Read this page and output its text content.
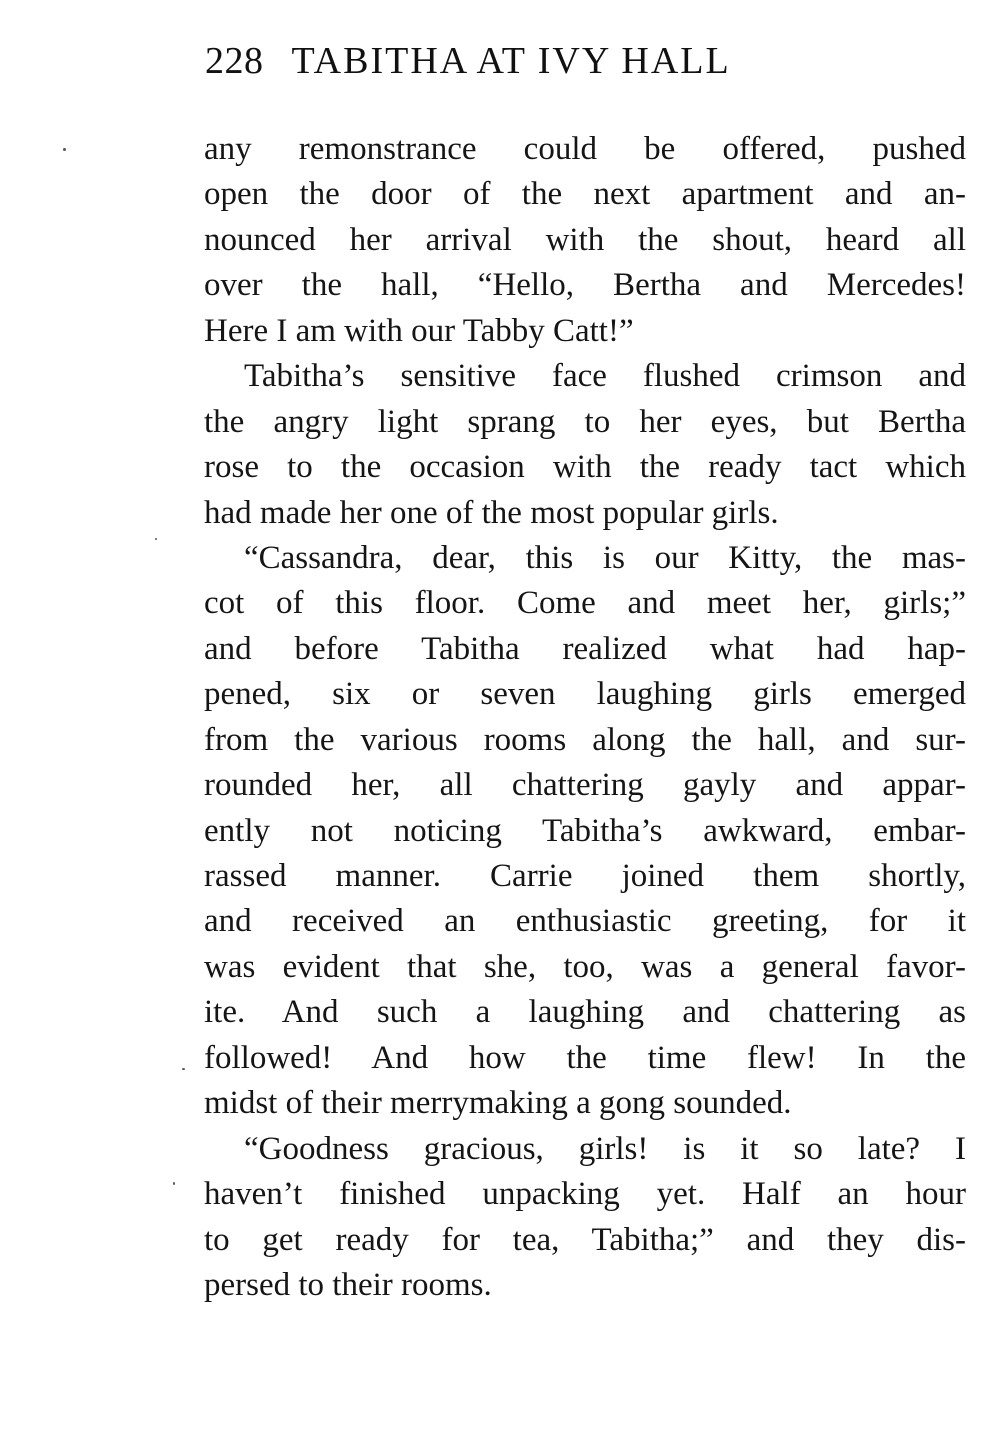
228 TABITHA AT IVY HALL
any remonstrance could be offered, pushed
open the door of the next apartment and an-
nounced her arrival with the shout, heard all
over the hall, “Hello, Bertha and Mercedes!
Here I am with our Tabby Catt!”
Tabitha’s sensitive face flushed crimson and
the angry light sprang to her eyes, but Bertha
rose to the occasion with the ready tact which
had made her one of the most popular girls.
“Cassandra, dear, this is our Kitty, the mas-
cot of this floor. Come and meet her, girls;”
and before Tabitha realized what had hap-
pened, six or seven laughing girls emerged
from the various rooms along the hall, and sur-
rounded her, all chattering gayly and appar-
ently not noticing Tabitha’s awkward, embar-
rassed manner. Carrie joined them shortly,
and received an enthusiastic greeting, for it
was evident that she, too, was a general favor-
ite. And such a laughing and chattering as
followed! And how the time flew! In the
midst of their merrymaking a gong sounded.
“Goodness gracious, girls! is it so late? I
haven’t finished unpacking yet. Half an hour
to get ready for tea, Tabitha;” and they dis-
persed to their rooms.
